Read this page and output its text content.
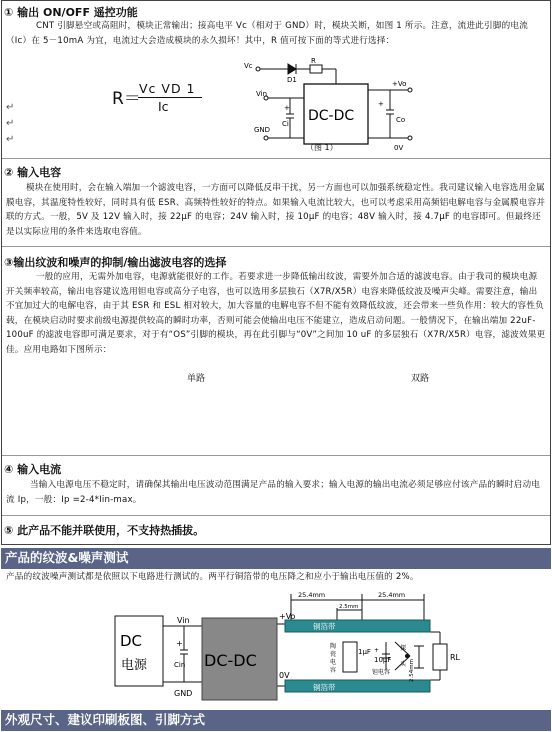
① 输出 ON/OFF 遥控功能
CNT 引脚悬空或高阻时，模块正常输出；接高电平 Vc（相对于 GND）时，模块关断，如图 1 所示。注意，流进此引脚的电流（Ic）在 5－10mA 为宜，电流过大会造成模块的永久损坏！其中，R 值可按下面的等式进行选择：
R＝
Vc VD 1
Ic
↵
↵
↵
Vc
D1
R
Vin
Ci
+
GND
DC-DC
+Vo
+
Co
0V
（图 1）
② 输入电容
模块在使用时，会在输入端加一个滤波电容，一方面可以降低反串干扰，另一方面也可以加强系统稳定性。我司建议输入电容选用金属膜电容，其温度特性较好，同时具有低 ESR、高频特性较好的特点。如果输入电流比较大，也可以考虑采用高频铝电解电容与金属膜电容并联的方式。一般，5V 及 12V 输入时，接 22μF 的电容；24V 输入时，接 10μF 的电容；48V 输入时，接 4.7μF 的电容即可。但最终还是以实际应用的条件来选取电容值。
③输出纹波和噪声的抑制/输出滤波电容的选择
一般的应用，无需外加电容，电源就能很好的工作。若要求进一步降低输出纹波，需要外加合适的滤波电容。由于我司的模块电源开关频率较高，输出电容建议选用钽电容或高分子电容，也可以选用多层独石（X7R/X5R）电容来降低纹波及噪声尖峰。需要注意，输出不宜加过大的电解电容，由于其 ESR 和 ESL 相对较大，加大容量的电解电容不但不能有效降低纹波，还会带来一些负作用：较大的容性负载，在模块启动时要求前级电源提供较高的瞬时功率，否则可能会使输出电压不能建立，造成启动问题。一般情况下，在输出端加 22uF-100uF 的滤波电容即可满足要求，对于有“OS”引脚的模块，再在此引脚与“0V”之间加 10 uF 的多层独石（X7R/X5R）电容，滤波效果更佳。应用电路如下图所示：
单路	双路
④ 输入电流
当输入电源电压不稳定时，请确保其输出电压波动范围满足产品的输入要求；输入电源的输出电流必须足够应付该产品的瞬时启动电流 Ip，一般：Ip =2-4*Iin-max。
⑤ 此产品不能并联使用，不支持热插拔。
产品的纹波&噪声测试
产品的纹波噪声测试都是依照以下电路进行测试的。两平行铜箔带的电压降之和应小于输出电压值的 2%。
DC
电源
Vin
+
Cin
GND
DC-DC
+Vo
0V
铜箔带
铜箔带
25.4mm	25.4mm
2.5mm
陶
瓷
电
容
1μF +
10μF
钽电容
探
头 2.54mm
RL
外观尺寸、建议印刷板图、引脚方式
